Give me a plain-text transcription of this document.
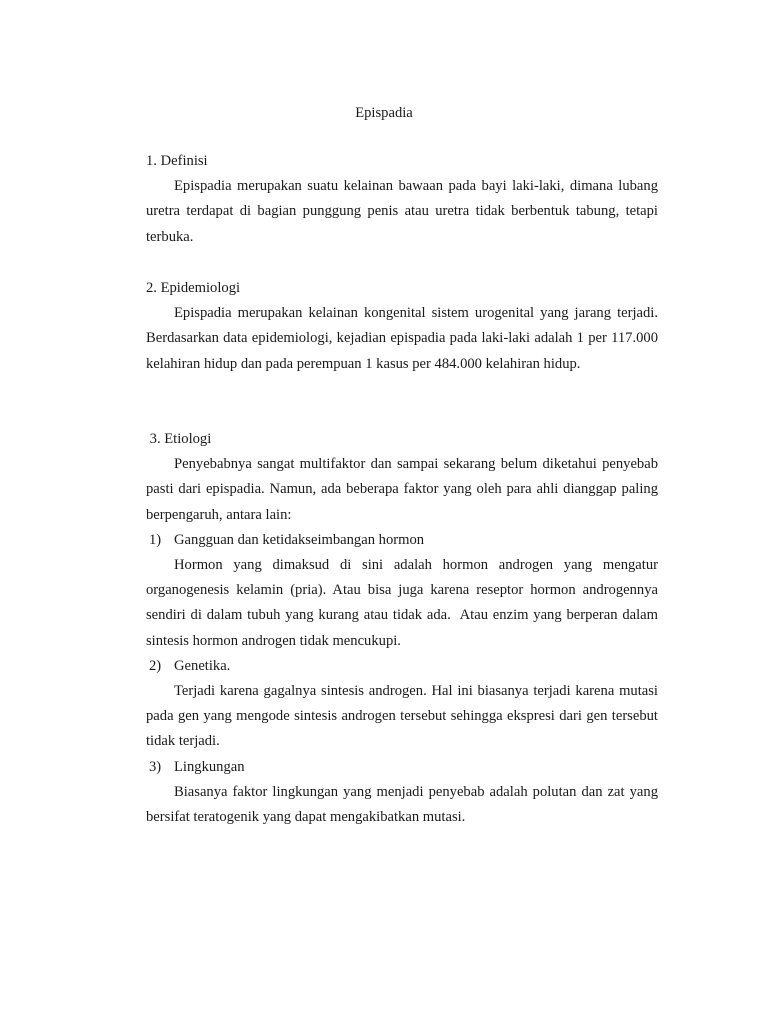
Epispadia
1. Definisi

Epispadia merupakan suatu kelainan bawaan pada bayi laki-laki, dimana lubang uretra terdapat di bagian punggung penis atau uretra tidak berbentuk tabung, tetapi terbuka.

2. Epidemiologi

Epispadia merupakan kelainan kongenital sistem urogenital yang jarang terjadi. Berdasarkan data epidemiologi, kejadian epispadia pada laki-laki adalah 1 per 117.000 kelahiran hidup dan pada perempuan 1 kasus per 484.000 kelahiran hidup.

3. Etiologi

Penyebabnya sangat multifaktor dan sampai sekarang belum diketahui penyebab pasti dari epispadia. Namun, ada beberapa faktor yang oleh para ahli dianggap paling berpengaruh, antara lain:

1) Gangguan dan ketidakseimbangan hormon

Hormon yang dimaksud di sini adalah hormon androgen yang mengatur organogenesis kelamin (pria). Atau bisa juga karena reseptor hormon androgennya sendiri di dalam tubuh yang kurang atau tidak ada.  Atau enzim yang berperan dalam sintesis hormon androgen tidak mencukupi.

2) Genetika.

Terjadi karena gagalnya sintesis androgen. Hal ini biasanya terjadi karena mutasi pada gen yang mengode sintesis androgen tersebut sehingga ekspresi dari gen tersebut tidak terjadi.

3) Lingkungan

Biasanya faktor lingkungan yang menjadi penyebab adalah polutan dan zat yang bersifat teratogenik yang dapat mengakibatkan mutasi.
